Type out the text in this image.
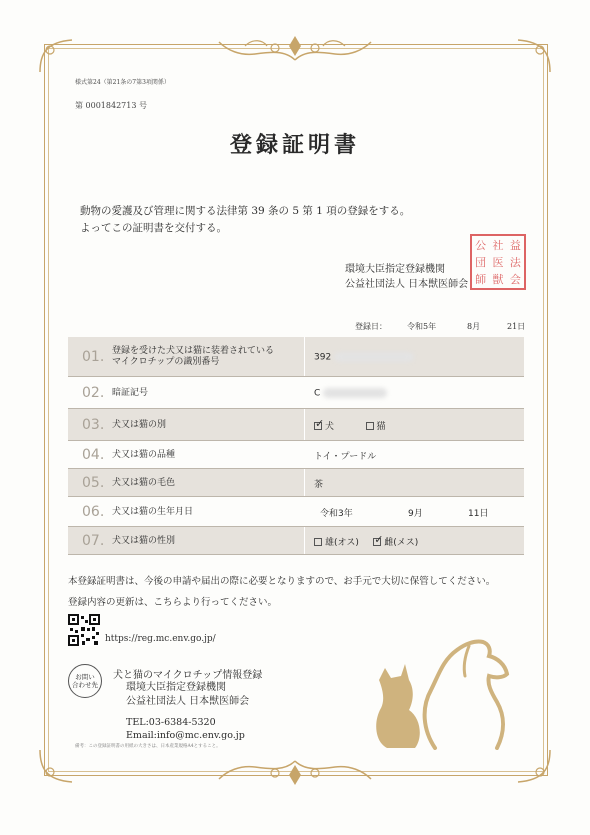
様式第24（第21条の7第3項関係）
第 0001842713 号
登録証明書
動物の愛護及び管理に関する法律第 39 条の 5 第 1 項の登録をする。
よってこの証明書を交付する。
環境大臣指定登録機関
公益社団法人 日本獣医師会
公 社 益
団 医 法
師 獣 会
登録日：	令和5年	8月	21日
01. 登録を受けた犬又は猫に装着されている
マイクロチップの識別番号	392
02. 暗証記号	C
03. 犬又は猫の別 ✓	犬	猫
04. 犬又は猫の品種	トイ・プードル
05. 犬又は猫の毛色	茶
06. 犬又は猫の生年月日	令和3年	9月	11日
07. 犬又は猫の性別	雄(オス) ✓	雌(メス)
本登録証明書は、今後の申請や届出の際に必要となりますので、お手元で大切に保管してください。
登録内容の更新は、こちらより行ってください。
https://reg.mc.env.go.jp/
お問い
合わせ先
犬と猫のマイクロチップ情報登録
環境大臣指定登録機関
公益社団法人 日本獣医師会
TEL:03-6384-5320
Email:info@mc.env.go.jp
備考：この登録証明書の用紙の大きさは、日本産業規格A4とすること。
